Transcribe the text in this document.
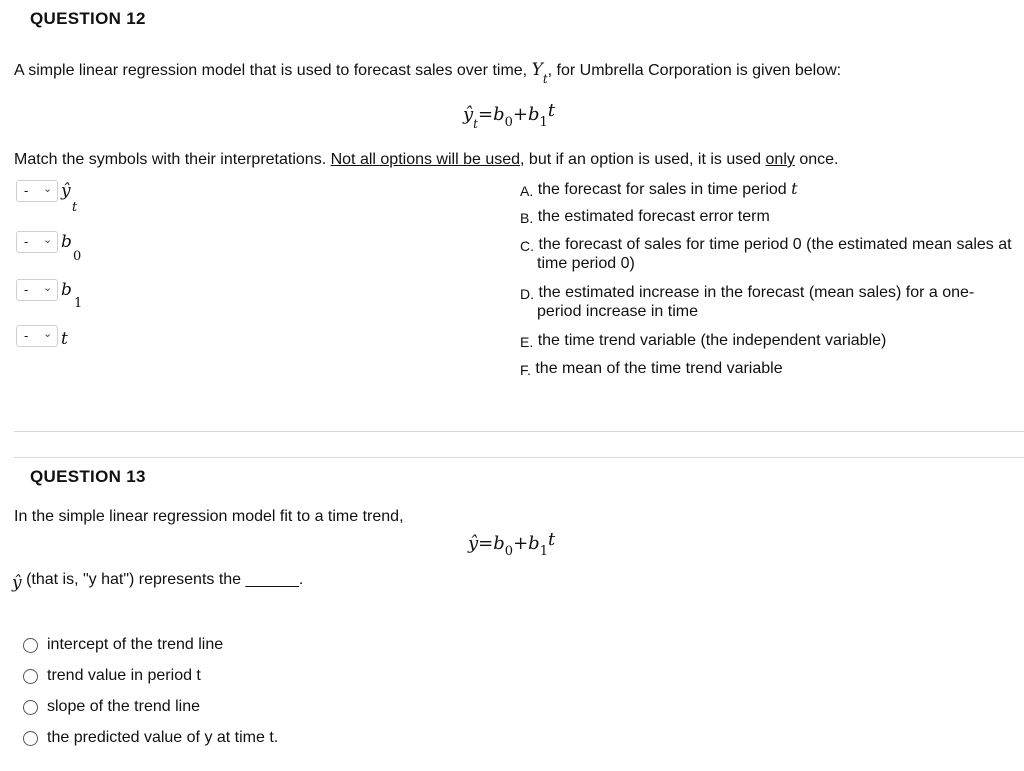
QUESTION 12
A simple linear regression model that is used to forecast sales over time, $Y_t$, for Umbrella Corporation is given below:
$ŷ_t=b_0+b_1t$
Match the symbols with their interpretations. Not all options will be used, but if an option is used, it is used only once.
- ⌄ ŷ
t
- ⌄ b
0
- ⌄ b
1
- ⌄ t
A. the forecast for sales in time period t
B. the estimated forecast error term
C. the forecast of sales for time period 0 (the estimated mean sales at time period 0)
D. the estimated increase in the forecast (mean sales) for a one-period increase in time
E. the time trend variable (the independent variable)
F. the mean of the time trend variable
QUESTION 13
In the simple linear regression model fit to a time trend,
$ŷ=b_0+b_1t$
ŷ (that is, "y hat") represents the ______.
intercept of the trend line
trend value in period t
slope of the trend line
the predicted value of y at time t.
